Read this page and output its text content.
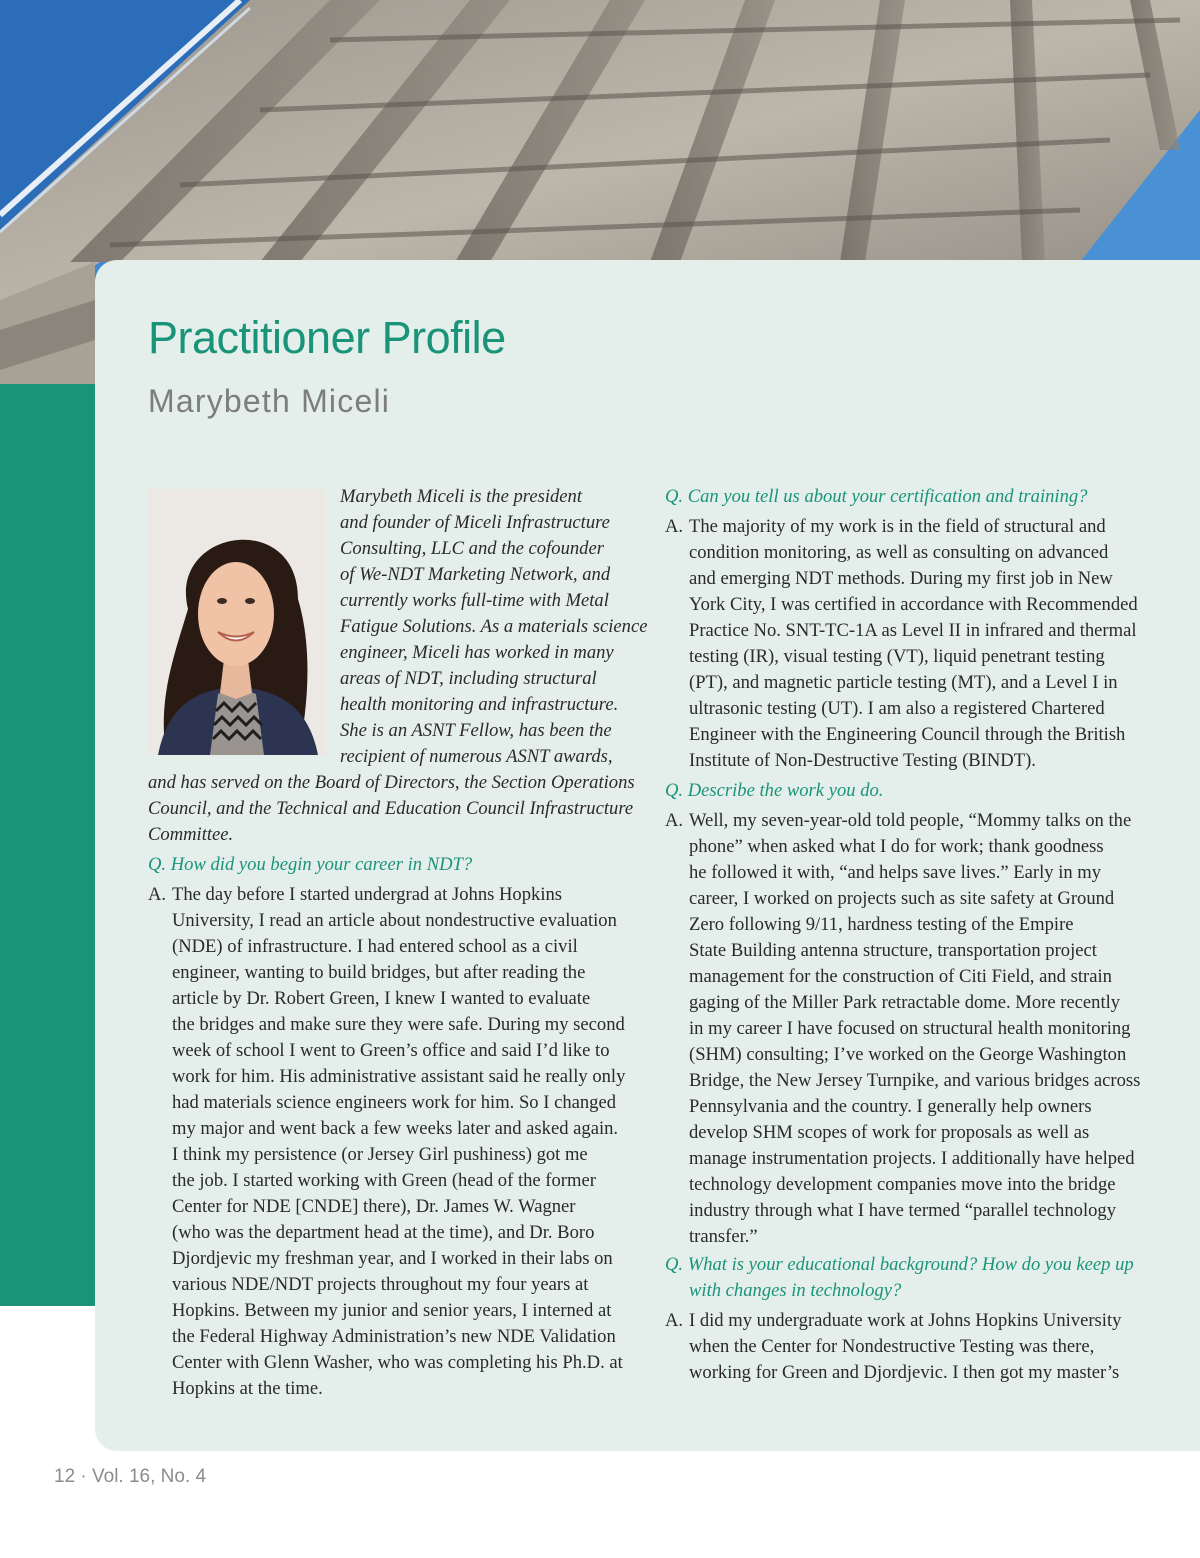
Practitioner Profile
Marybeth Miceli
Marybeth Miceli is the president
and founder of Miceli Infrastructure
Consulting, LLC and the cofounder
of We-NDT Marketing Network, and
currently works full-time with Metal
Fatigue Solutions. As a materials science
engineer, Miceli has worked in many
areas of NDT, including structural
health monitoring and infrastructure.
She is an ASNT Fellow, has been the
recipient of numerous ASNT awards,
and has served on the Board of Directors, the Section Operations
Council, and the Technical and Education Council Infrastructure
Committee.
Q. How did you begin your career in NDT?
A. The day before I started undergrad at Johns Hopkins
University, I read an article about nondestructive evaluation
(NDE) of infrastructure. I had entered school as a civil
engineer, wanting to build bridges, but after reading the
article by Dr. Robert Green, I knew I wanted to evaluate
the bridges and make sure they were safe. During my second
week of school I went to Green’s office and said I’d like to
work for him. His administrative assistant said he really only
had materials science engineers work for him. So I changed
my major and went back a few weeks later and asked again.
I think my persistence (or Jersey Girl pushiness) got me
the job. I started working with Green (head of the former
Center for NDE [CNDE] there), Dr. James W. Wagner
(who was the department head at the time), and Dr. Boro
Djordjevic my freshman year, and I worked in their labs on
various NDE/NDT projects throughout my four years at
Hopkins. Between my junior and senior years, I interned at
the Federal Highway Administration’s new NDE Validation
Center with Glenn Washer, who was completing his Ph.D. at
Hopkins at the time.
Q. Can you tell us about your certification and training?
A. The majority of my work is in the field of structural and
condition monitoring, as well as consulting on advanced
and emerging NDT methods. During my first job in New
York City, I was certified in accordance with Recommended
Practice No. SNT-TC-1A as Level II in infrared and thermal
testing (IR), visual testing (VT), liquid penetrant testing
(PT), and magnetic particle testing (MT), and a Level I in
ultrasonic testing (UT). I am also a registered Chartered
Engineer with the Engineering Council through the British
Institute of Non-Destructive Testing (BINDT).
Q. Describe the work you do.
A. Well, my seven-year-old told people, “Mommy talks on the
phone” when asked what I do for work; thank goodness
he followed it with, “and helps save lives.” Early in my
career, I worked on projects such as site safety at Ground
Zero following 9/11, hardness testing of the Empire
State Building antenna structure, transportation project
management for the construction of Citi Field, and strain
gaging of the Miller Park retractable dome. More recently
in my career I have focused on structural health monitoring
(SHM) consulting; I’ve worked on the George Washington
Bridge, the New Jersey Turnpike, and various bridges across
Pennsylvania and the country. I generally help owners
develop SHM scopes of work for proposals as well as
manage instrumentation projects. I additionally have helped
technology development companies move into the bridge
industry through what I have termed “parallel technology
transfer.”
Q. What is your educational background? How do you keep up
with changes in technology?
A. I did my undergraduate work at Johns Hopkins University
when the Center for Nondestructive Testing was there,
working for Green and Djordjevic. I then got my master’s
12 · Vol. 16, No. 4
